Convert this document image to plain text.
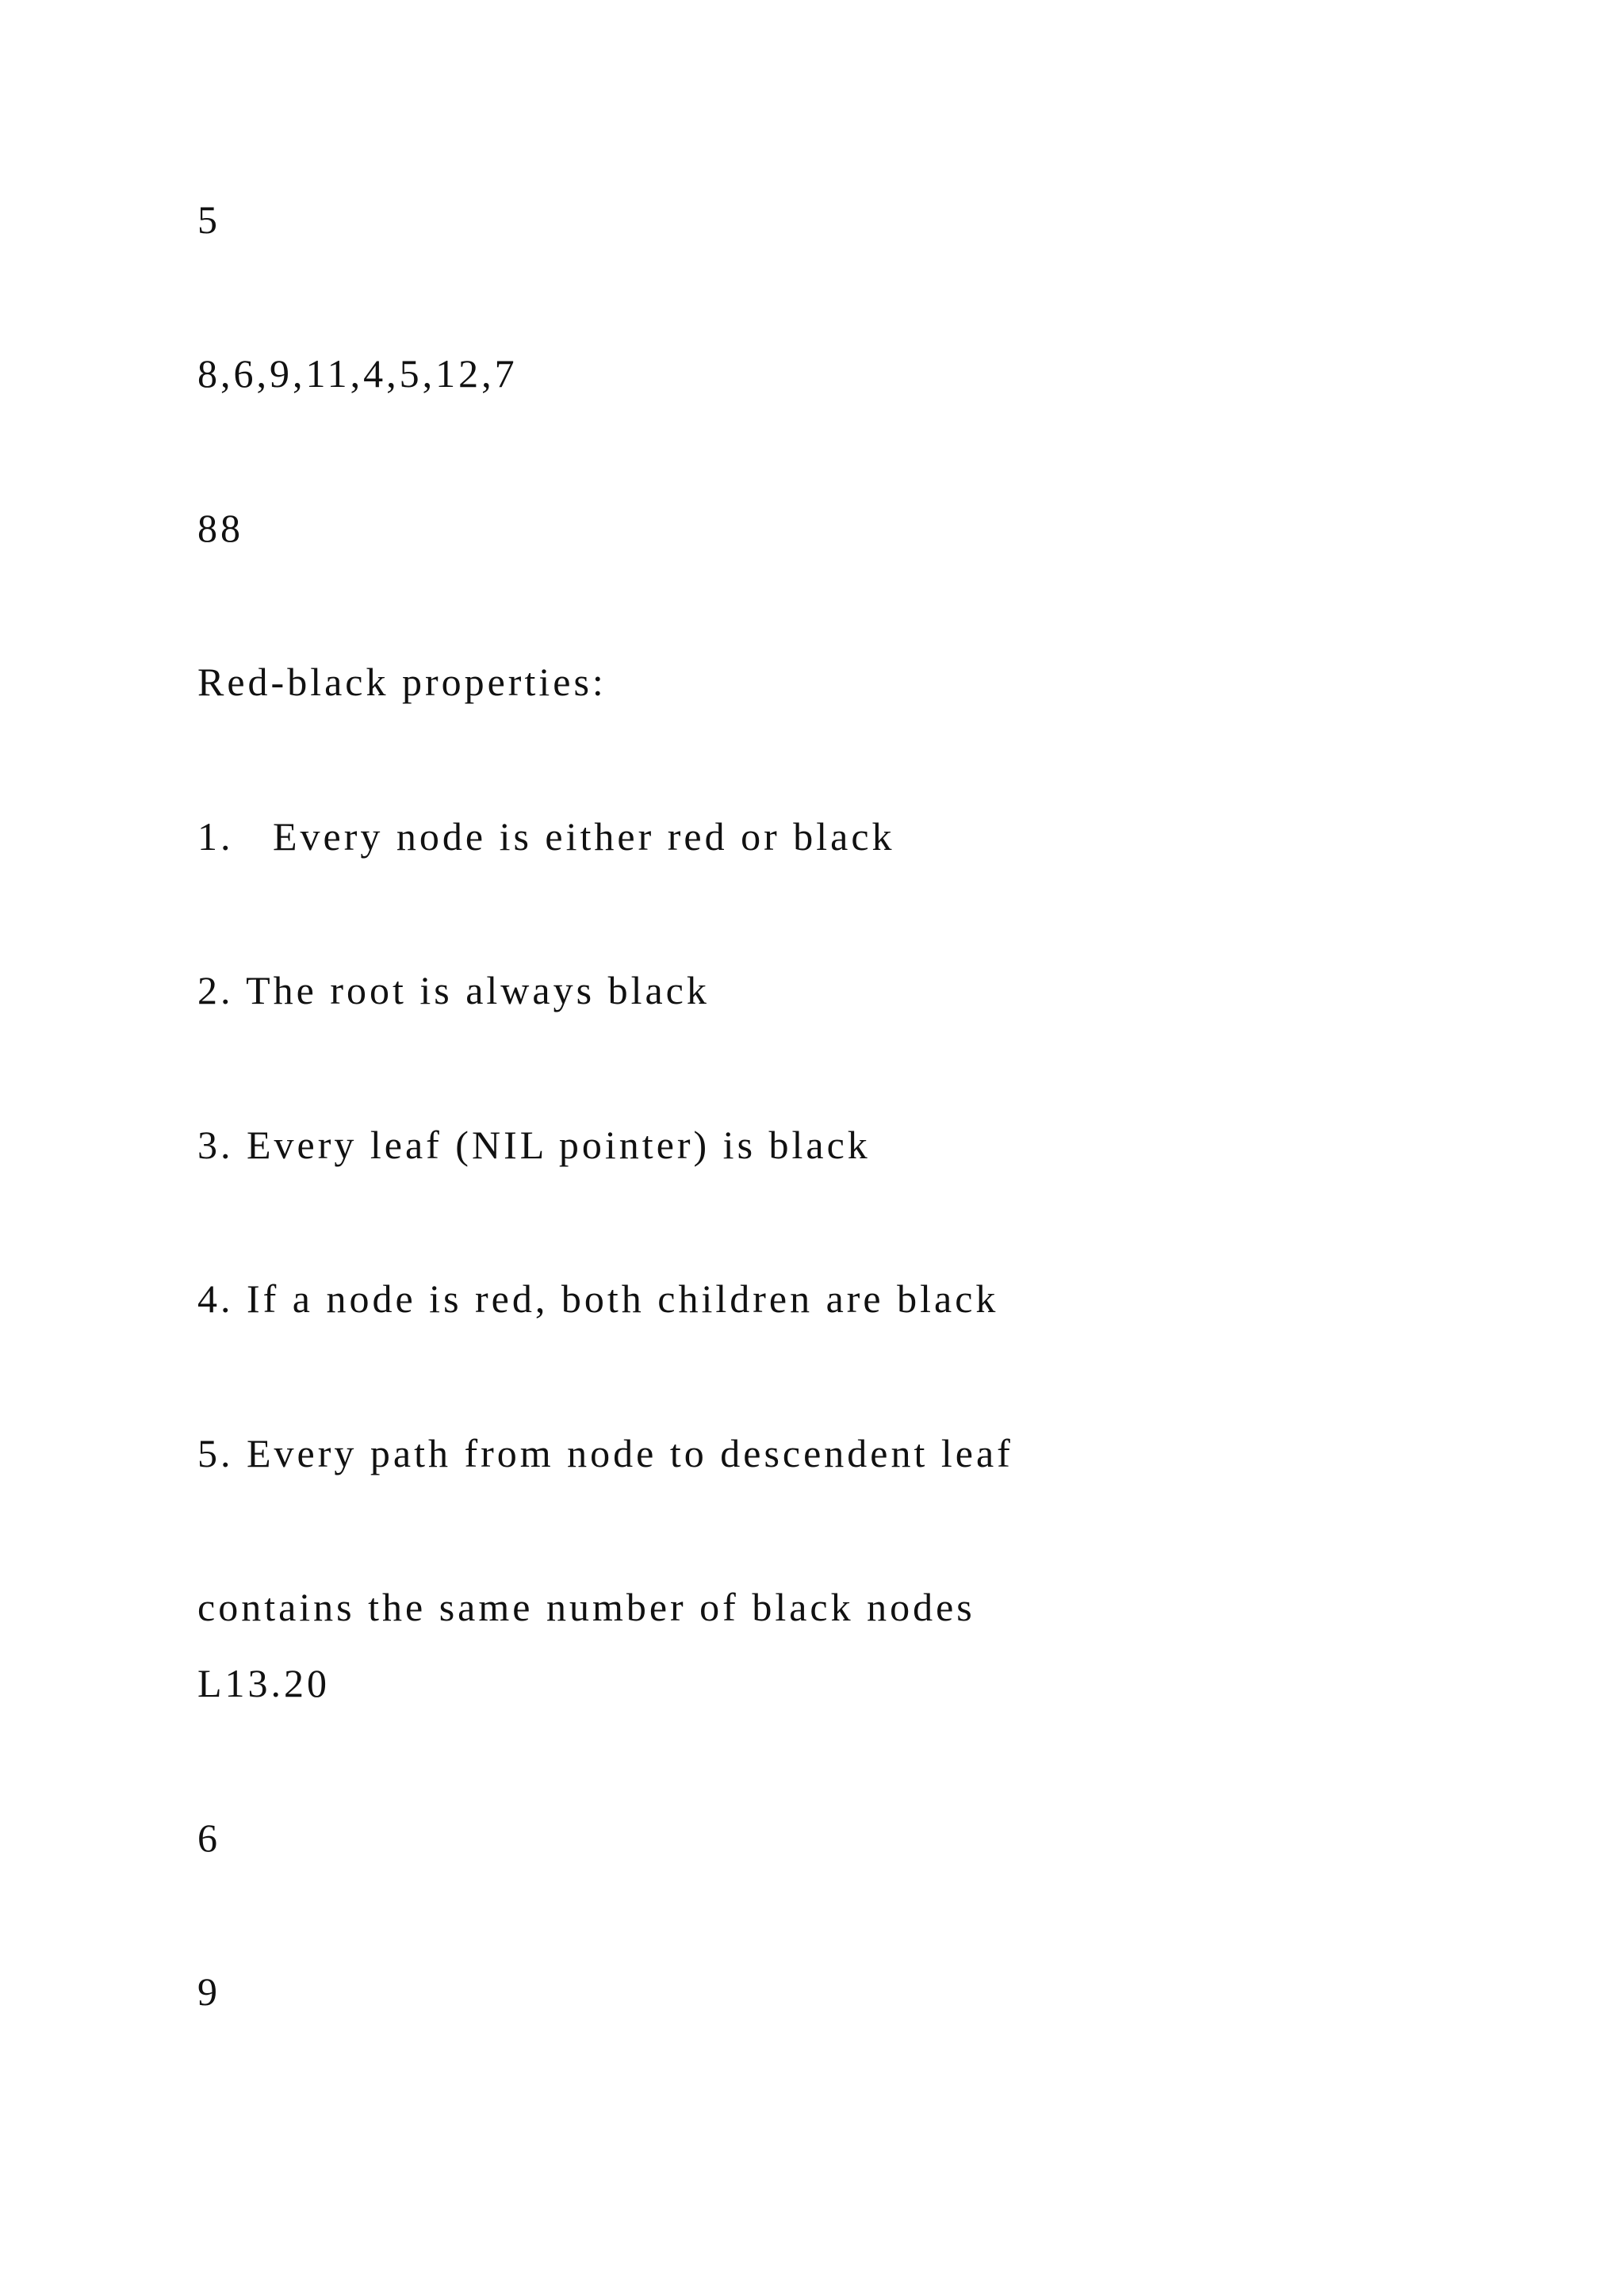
5
8,6,9,11,4,5,12,7
88
Red-black properties:
1.   Every node is either red or black
2. The root is always black
3. Every leaf (NIL pointer) is black
4. If a node is red, both children are black
5. Every path from node to descendent leaf
contains the same number of black nodes
L13.20
6
9
